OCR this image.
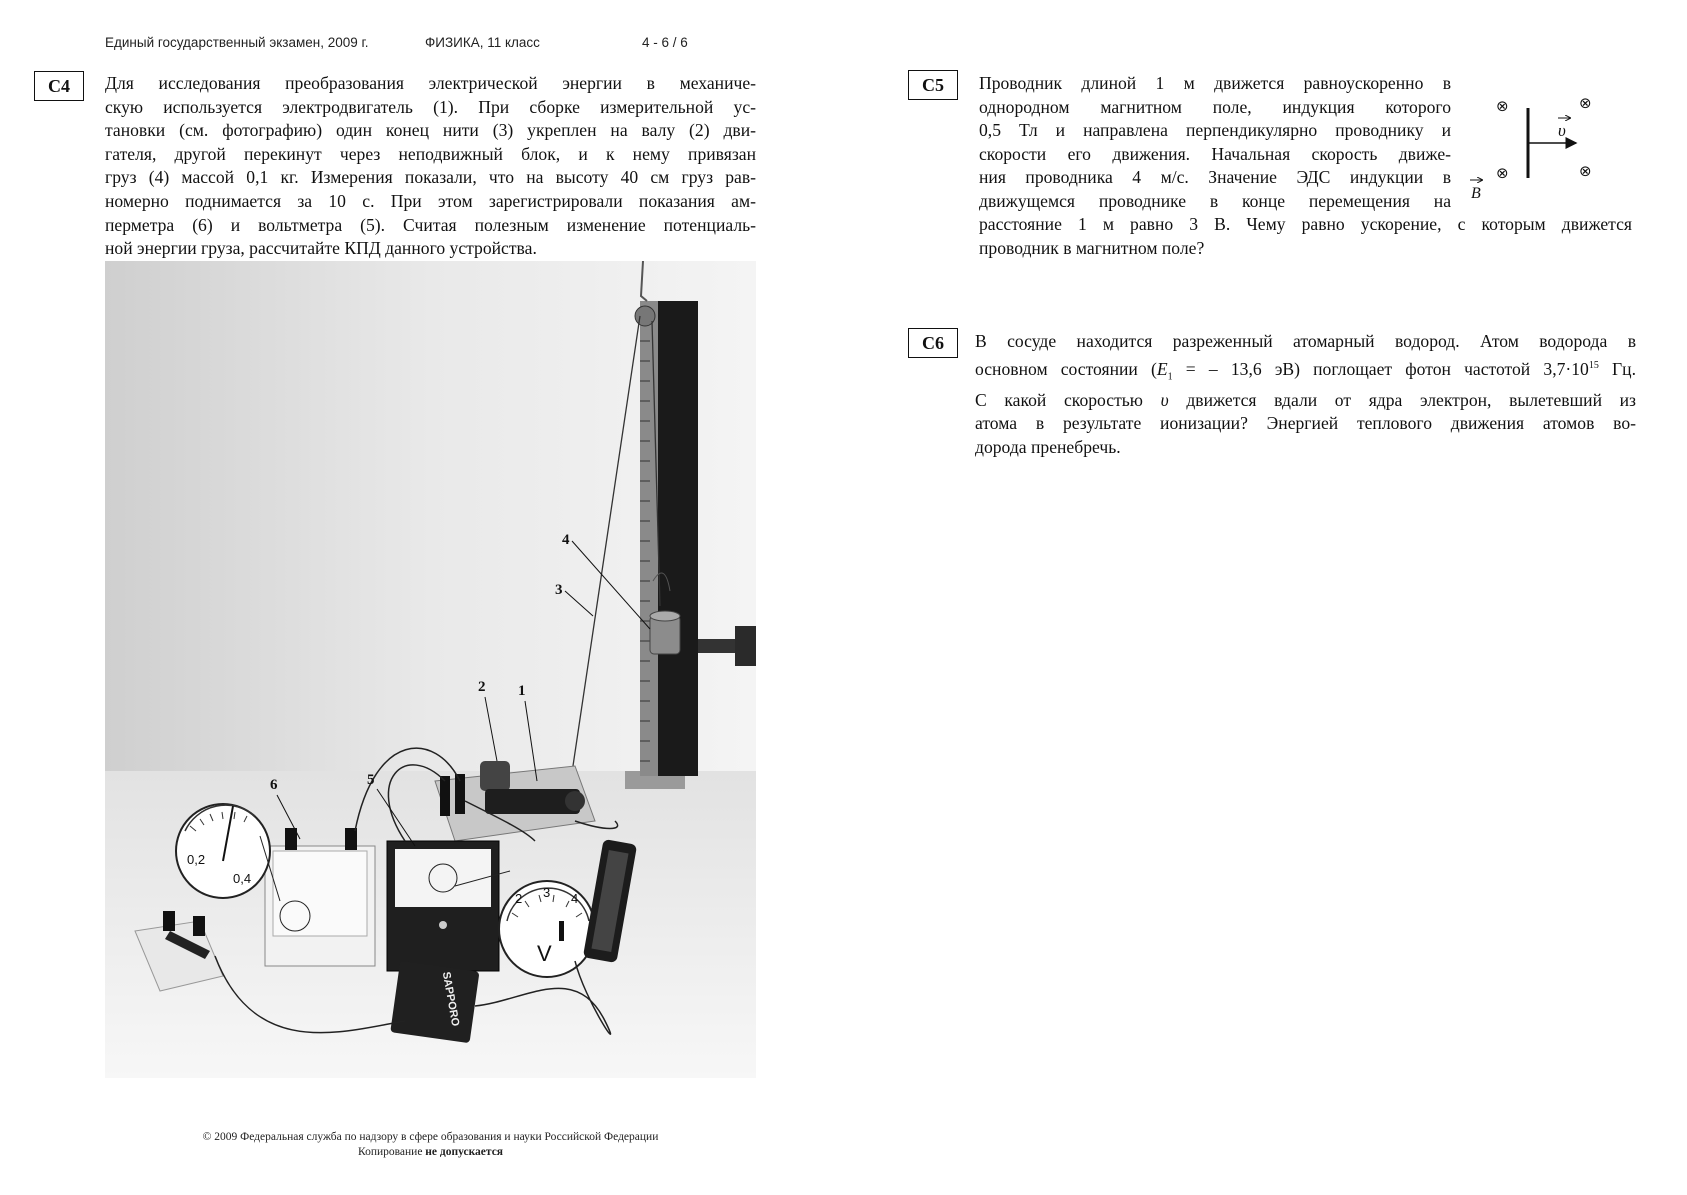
Единый государственный экзамен, 2009 г.	ФИЗИКА, 11 класс	4 - 6 / 6
C4	Для исследования преобразования электрической энергии в механиче-
скую используется электродвигатель (1). При сборке измерительной ус-
тановки (см. фотографию) один конец нити (3) укреплен на валу (2) дви-
гателя, другой перекинут через неподвижный блок, и к нему привязан
груз (4) массой 0,1 кг. Измерения показали, что на высоту 40 см груз рав-
номерно поднимается за 10 с. При этом зарегистрировали показания ам-
перметра (6) и вольтметра (5). Считая полезным изменение потенциаль-
ной энергии груза, рассчитайте КПД данного устройства.
0,2
0,4
2 3 4
V
SAPPORO
1
2
3
4
5
6
C5	Проводник длиной 1 м движется равноускоренно в
однородном магнитном поле, индукция которого
0,5 Тл и направлена перпендикулярно проводнику и
скорости его движения. Начальная скорость движе-
ния проводника 4 м/с. Значение ЭДС индукции в
движущемся проводнике в конце перемещения на
расстояние 1 м равно 3 В. Чему равно ускорение, с которым движется
проводник в магнитном поле?
⊗	⊗
⊗	⊗
υ
B
C6	В сосуде находится разреженный атомарный водород. Атом водорода в
основном состоянии ($E_1$ = – 13,6 эВ) поглощает фотон частотой $3,7\cdot 10^{15}$ Гц.
С какой скоростью υ движется вдали от ядра электрон, вылетевший из
атома в результате ионизации? Энергией теплового движения атомов во-
дорода пренебречь.
© 2009 Федеральная служба по надзору в сфере образования и науки Российской Федерации
Копирование не допускается
